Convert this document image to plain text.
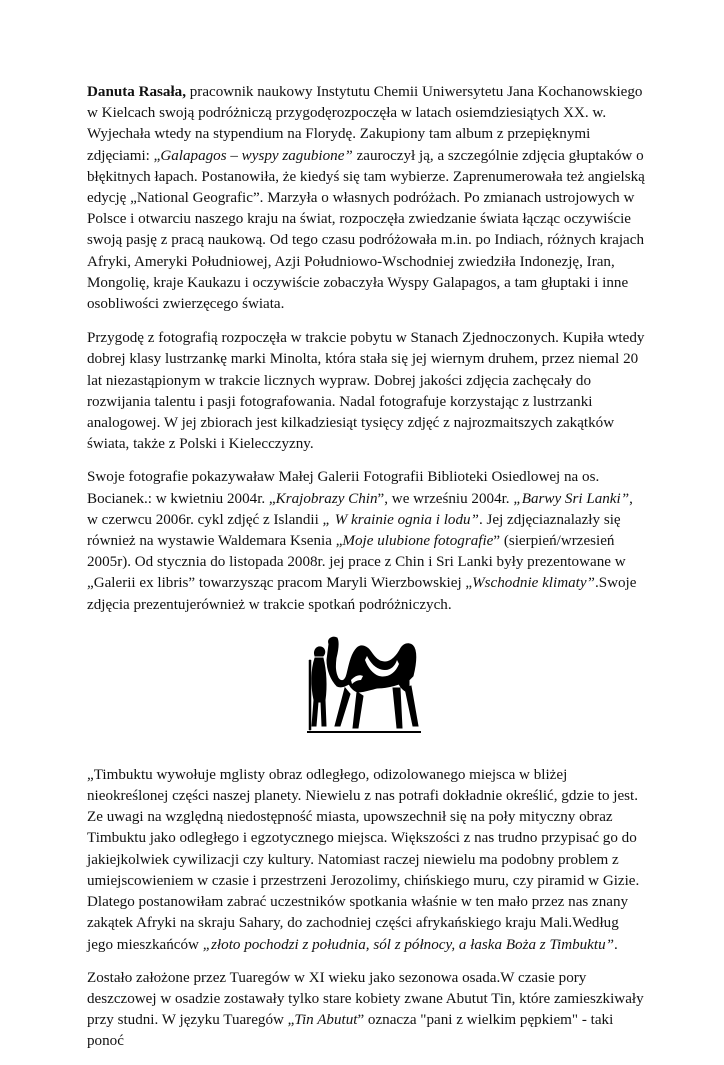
Danuta Rasała, pracownik naukowy Instytutu Chemii Uniwersytetu Jana Kochanowskiego w Kielcach swoją podróżniczą przygodęrozpoczęła w latach osiemdziesiątych XX. w. Wyjechała wtedy na stypendium na Florydę. Zakupiony tam album z przepięknymi zdjęciami: „Galapagos – wyspy zagubione” zauroczył ją, a szczególnie zdjęcia głuptaków o błękitnych łapach. Postanowiła, że kiedyś się tam wybierze. Zaprenumerowała też angielską edycję „National Geografic”. Marzyła o własnych podróżach. Po zmianach ustrojowych w Polsce i otwarciu naszego kraju na świat, rozpoczęła zwiedzanie świata łącząc oczywiście swoją pasję z pracą naukową. Od tego czasu podróżowała m.in. po Indiach, różnych krajach Afryki, Ameryki Południowej, Azji Południowo-Wschodniej zwiedziła Indonezję, Iran, Mongolię, kraje Kaukazu i oczywiście zobaczyła Wyspy Galapagos, a tam głuptaki i inne osobliwości zwierzęcego świata.

Przygodę z fotografią rozpoczęła w trakcie pobytu w Stanach Zjednoczonych. Kupiła wtedy dobrej klasy lustrzankę marki Minolta, która stała się jej wiernym druhem, przez niemal 20 lat niezastąpionym w trakcie licznych wypraw. Dobrej jakości zdjęcia zachęcały do rozwijania talentu i pasji fotografowania. Nadal fotografuje korzystając z lustrzanki analogowej. W jej zbiorach jest kilkadziesiąt tysięcy zdjęć z najrozmaitszych zakątków świata, także z Polski i Kielecczyzny.

Swoje fotografie pokazywaław Małej Galerii Fotografii Biblioteki Osiedlowej na os. Bocianek.: w kwietniu 2004r. „Krajobrazy Chin”, we wrześniu 2004r. „Barwy Sri Lanki”, w czerwcu 2006r. cykl zdjęć z Islandii „ W krainie ognia i lodu”. Jej zdjęciaznalazły się również na wystawie Waldemara Ksenia „Moje ulubione fotografie” (sierpień/wrzesień 2005r). Od stycznia do listopada 2008r. jej prace z Chin i Sri Lanki były prezentowane w „Galerii ex libris” towarzysząc pracom Maryli Wierzbowskiej „Wschodnie klimaty”.Swoje zdjęcia prezentujerównież w trakcie spotkań podróżniczych.

„Timbuktu wywołuje mglisty obraz odległego, odizolowanego miejsca w bliżej nieokreślonej części naszej planety. Niewielu z nas potrafi dokładnie określić, gdzie to jest. Ze uwagi na względną niedostępność miasta, upowszechnił się na poły mityczny obraz Timbuktu jako odległego i egzotycznego miejsca. Większości z nas trudno przypisać go do jakiejkolwiek cywilizacji czy kultury. Natomiast raczej niewielu ma podobny problem z umiejscowieniem w czasie i przestrzeni Jerozolimy, chińskiego muru, czy piramid w Gizie. Dlatego postanowiłam zabrać uczestników spotkania właśnie w ten mało przez nas znany zakątek Afryki na skraju Sahary, do zachodniej części afrykańskiego kraju Mali.Według jego mieszkańców „złoto pochodzi z południa, sól z północy, a łaska Boża z Timbuktu”.

Zostało założone przez Tuaregów w XI wieku jako sezonowa osada.W czasie pory deszczowej w osadzie zostawały tylko stare kobiety zwane Abutut Tin, które zamieszkiwały przy studni. W języku Tuaregów „Tin Abutut” oznacza "pani z wielkim pępkiem" - taki ponoć
